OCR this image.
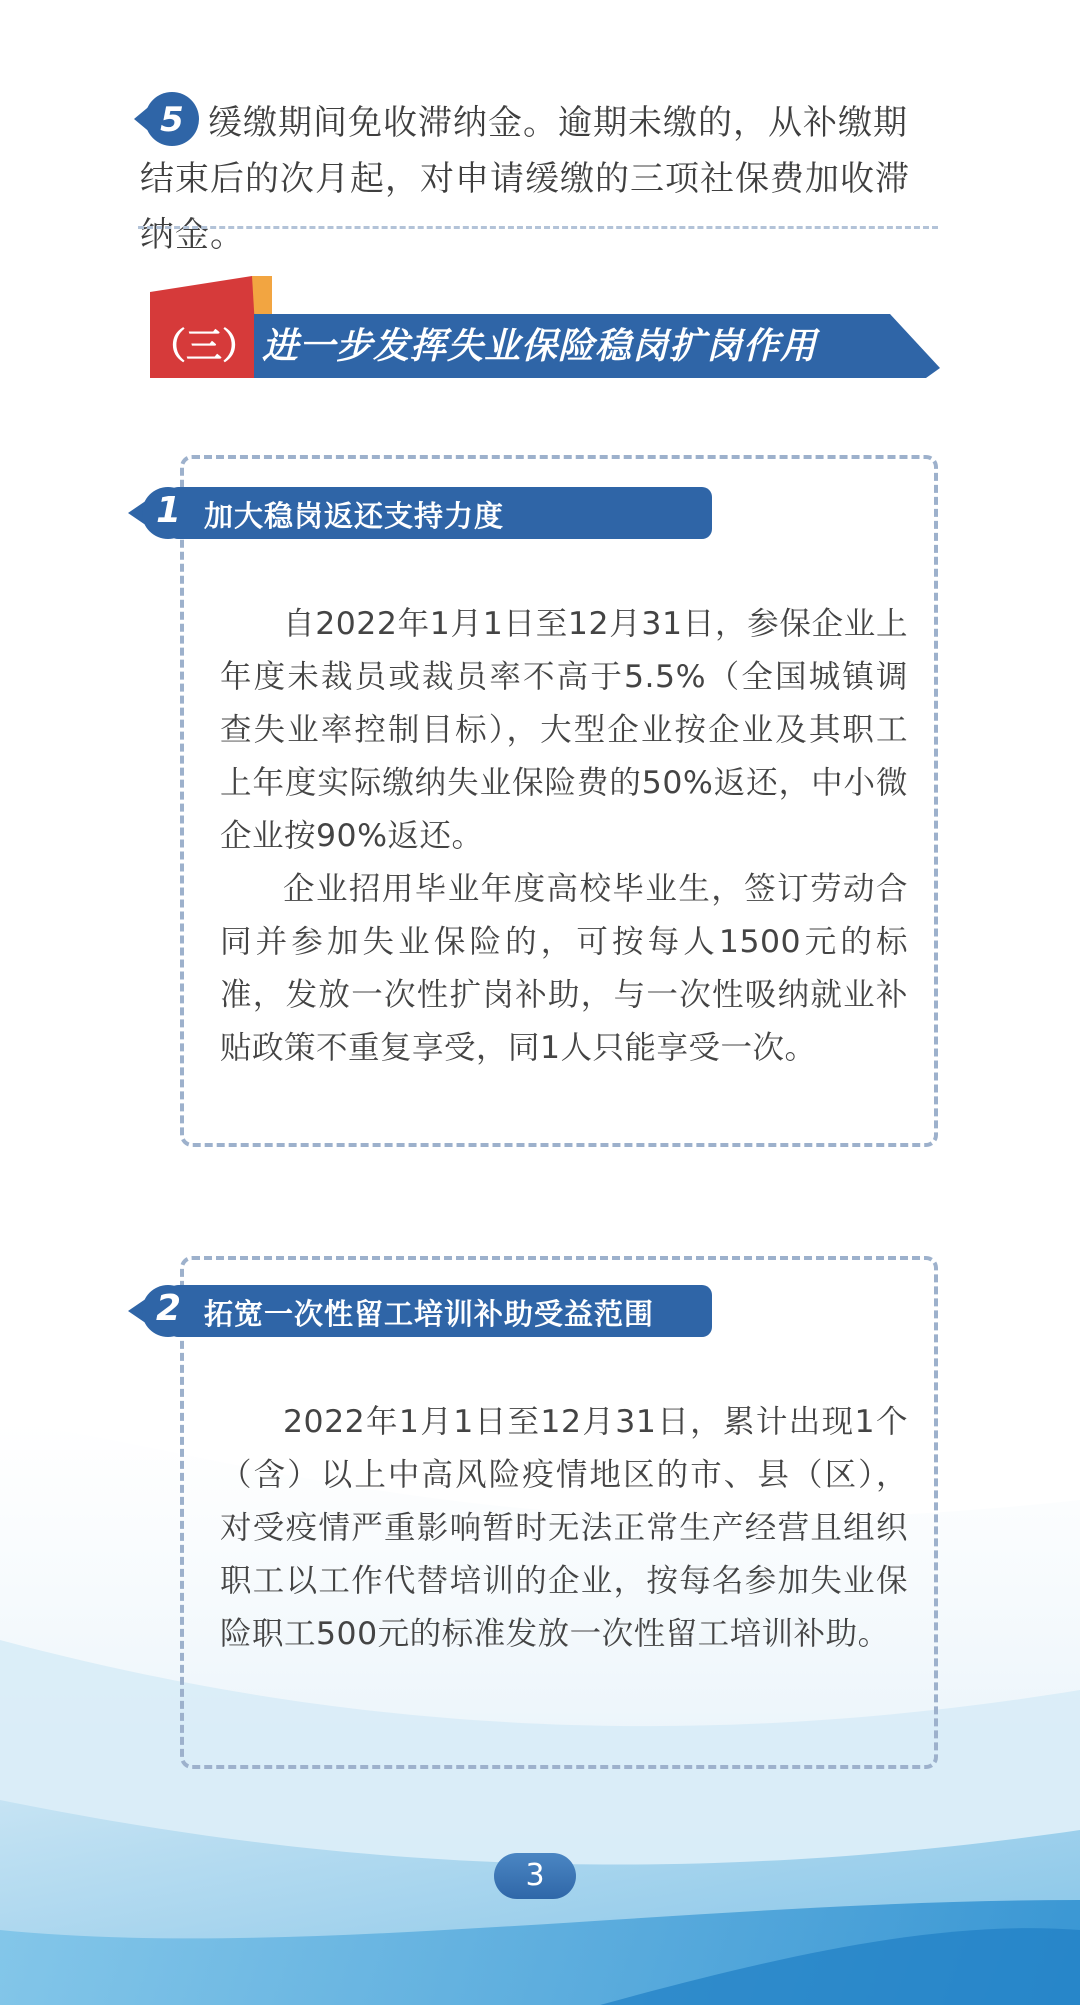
5 缓缴期间免收滞纳金。逾期未缴的，从补缴期结束后的次月起，对申请缓缴的三项社保费加收滞纳金。
（三） 进一步发挥失业保险稳岗扩岗作用
1 加大稳岗返还支持力度

自2022年1月1日至12月31日，参保企业上年度未裁员或裁员率不高于5.5%（全国城镇调查失业率控制目标），大型企业按企业及其职工上年度实际缴纳失业保险费的50%返还，中小微企业按90%返还。

企业招用毕业年度高校毕业生，签订劳动合同并参加失业保险的，可按每人1500元的标准，发放一次性扩岗补助，与一次性吸纳就业补贴政策不重复享受，同1人只能享受一次。

2 拓宽一次性留工培训补助受益范围

2022年1月1日至12月31日，累计出现1个（含）以上中高风险疫情地区的市、县（区），对受疫情严重影响暂时无法正常生产经营且组织职工以工作代替培训的企业，按每名参加失业保险职工500元的标准发放一次性留工培训补助。

3
